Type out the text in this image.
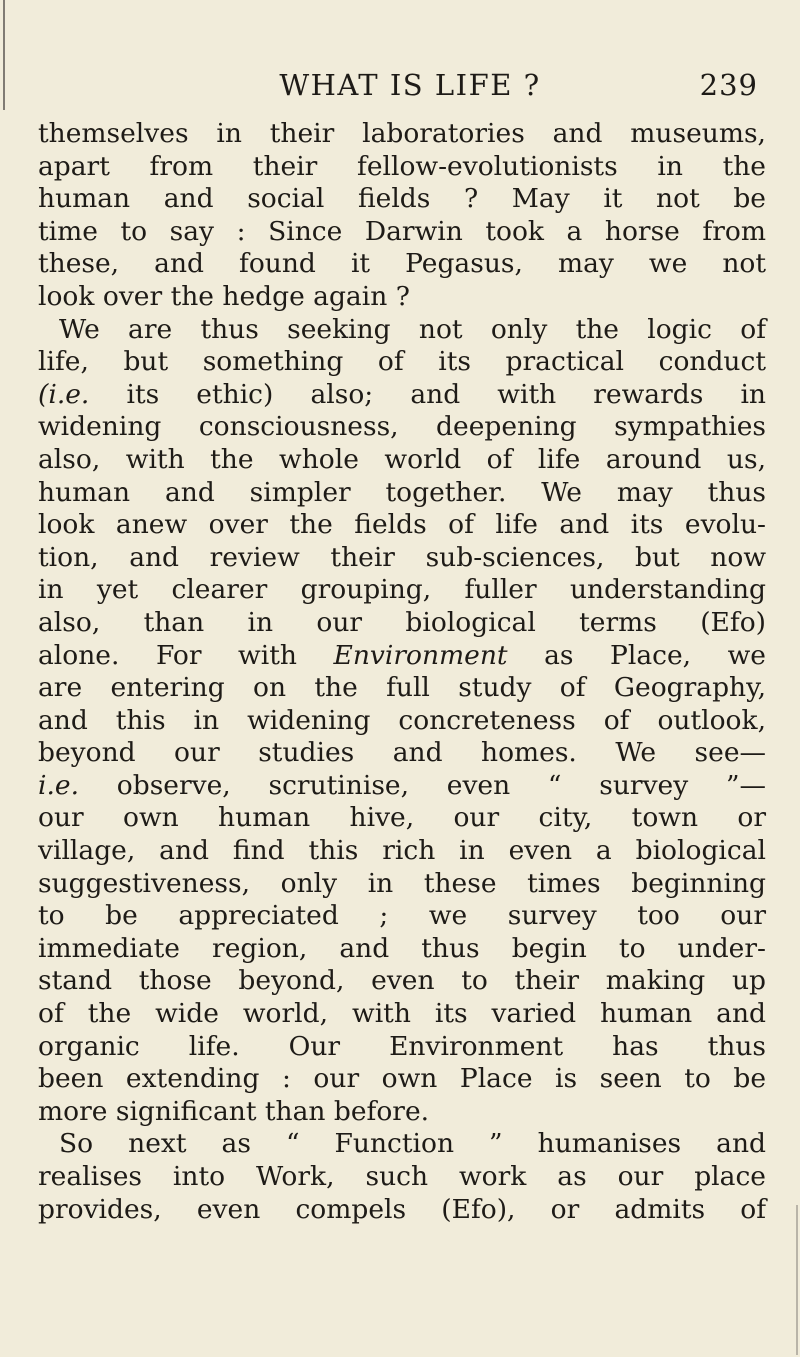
WHAT IS LIFE ?	239
themselves in their laboratories and museums,
apart from their fellow-evolutionists in the
human and social fields ? May it not be
time to say : Since Darwin took a horse from
these, and found it Pegasus, may we not
look over the hedge again ?
We are thus seeking not only the logic of
life, but something of its practical conduct
(i.e. its ethic) also; and with rewards in
widening consciousness, deepening sympathies
also, with the whole world of life around us,
human and simpler together. We may thus
look anew over the fields of life and its evolu-
tion, and review their sub-sciences, but now
in yet clearer grouping, fuller understanding
also, than in our biological terms (Efo)
alone. For with Environment as Place, we
are entering on the full study of Geography,
and this in widening concreteness of outlook,
beyond our studies and homes. We see—
i.e. observe, scrutinise, even “ survey ”—
our own human hive, our city, town or
village, and find this rich in even a biological
suggestiveness, only in these times beginning
to be appreciated ; we survey too our
immediate region, and thus begin to under-
stand those beyond, even to their making up
of the wide world, with its varied human and
organic life. Our Environment has thus
been extending : our own Place is seen to be
more significant than before.
So next as “ Function ” humanises and
realises into Work, such work as our place
provides, even compels (Efo), or admits of
